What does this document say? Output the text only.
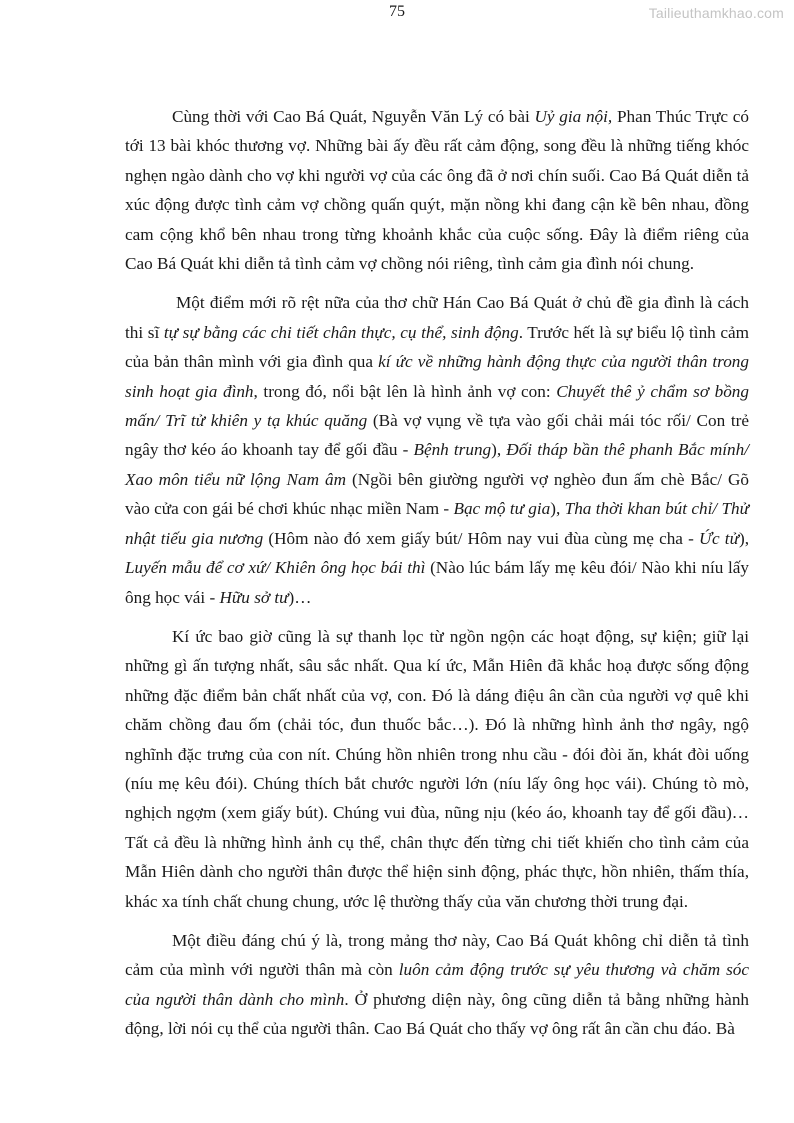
75	Tailieuthamkhao.com

Cùng thời với Cao Bá Quát, Nguyễn Văn Lý có bài Uỷ gia nội, Phan Thúc Trực có tới 13 bài khóc thương vợ. Những bài ấy đều rất cảm động, song đều là những tiếng khóc nghẹn ngào dành cho vợ khi người vợ của các ông đã ở nơi chín suối. Cao Bá Quát diễn tả xúc động được tình cảm vợ chồng quấn quýt, mặn nồng khi đang cận kề bên nhau, đồng cam cộng khổ bên nhau trong từng khoảnh khắc của cuộc sống. Đây là điểm riêng của Cao Bá Quát khi diễn tả tình cảm vợ chồng nói riêng, tình cảm gia đình nói chung.

Một điểm mới rõ rệt nữa của thơ chữ Hán Cao Bá Quát ở chủ đề gia đình là cách thi sĩ tự sự bằng các chi tiết chân thực, cụ thể, sinh động. Trước hết là sự biểu lộ tình cảm của bản thân mình với gia đình qua kí ức về những hành động thực của người thân trong sinh hoạt gia đình, trong đó, nổi bật lên là hình ảnh vợ con: Chuyết thê ỷ chẩm sơ bồng mấn/ Trĩ tử khiên y tạ khúc quăng (Bà vợ vụng về tựa vào gối chải mái tóc rối/ Con trẻ ngây thơ kéo áo khoanh tay để gối đầu - Bệnh trung), Đối tháp bần thê phanh Bắc mính/ Xao môn tiểu nữ lộng Nam âm (Ngồi bên giường người vợ nghèo đun ấm chè Bắc/ Gõ vào cửa con gái bé chơi khúc nhạc miền Nam - Bạc mộ tư gia), Tha thời khan bút chỉ/ Thử nhật tiếu gia nương (Hôm nào đó xem giấy bút/ Hôm nay vui đùa cùng mẹ cha - Ức tử), Luyến mẫu để cơ xứ/ Khiên ông học bái thì (Nào lúc bám lấy mẹ kêu đói/ Nào khi níu lấy ông học vái - Hữu sở tư)…

Kí ức bao giờ cũng là sự thanh lọc từ ngồn ngộn các hoạt động, sự kiện; giữ lại những gì ấn tượng nhất, sâu sắc nhất. Qua kí ức, Mẫn Hiên đã khắc hoạ được sống động những đặc điểm bản chất nhất của vợ, con. Đó là dáng điệu ân cần của người vợ quê khi chăm chồng đau ốm (chải tóc, đun thuốc bắc…). Đó là những hình ảnh thơ ngây, ngộ nghĩnh đặc trưng của con nít. Chúng hồn nhiên trong nhu cầu - đói đòi ăn, khát đòi uống (níu mẹ kêu đói). Chúng thích bắt chước người lớn (níu lấy ông học vái). Chúng tò mò, nghịch ngợm (xem giấy bút). Chúng vui đùa, nũng nịu (kéo áo, khoanh tay để gối đầu)… Tất cả đều là những hình ảnh cụ thể, chân thực đến từng chi tiết khiến cho tình cảm của Mẫn Hiên dành cho người thân được thể hiện sinh động, phác thực, hồn nhiên, thấm thía, khác xa tính chất chung chung, ước lệ thường thấy của văn chương thời trung đại.

Một điều đáng chú ý là, trong mảng thơ này, Cao Bá Quát không chỉ diễn tả tình cảm của mình với người thân mà còn luôn cảm động trước sự yêu thương và chăm sóc của người thân dành cho mình. Ở phương diện này, ông cũng diễn tả bằng những hành động, lời nói cụ thể của người thân. Cao Bá Quát cho thấy vợ ông rất ân cần chu đáo. Bà
